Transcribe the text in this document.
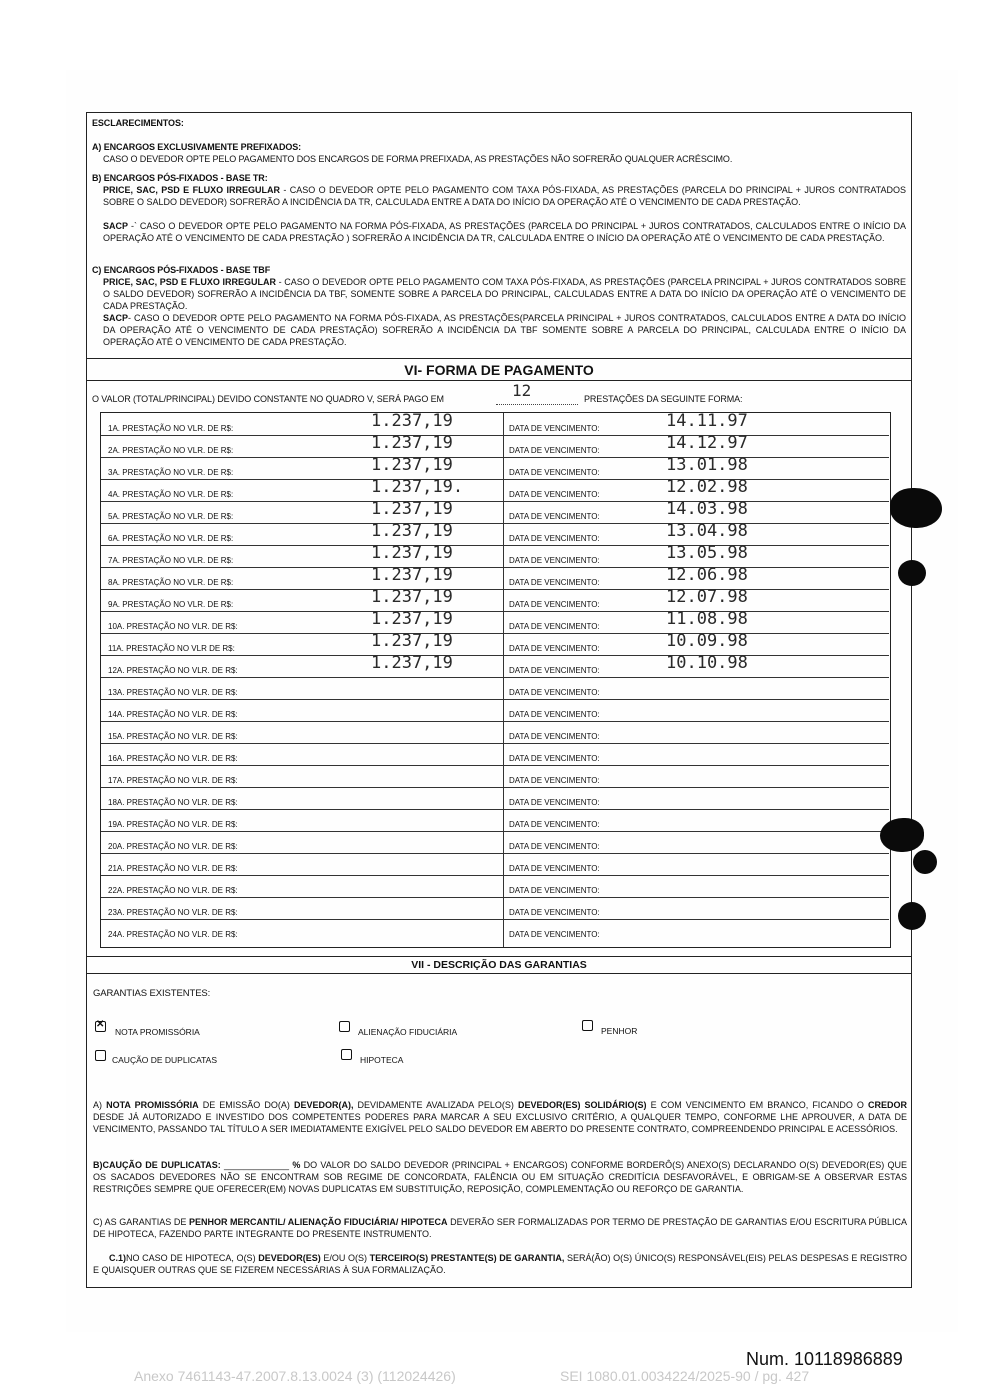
ESCLARECIMENTOS:
A) ENCARGOS EXCLUSIVAMENTE PREFIXADOS:
CASO O DEVEDOR OPTE PELO PAGAMENTO DOS ENCARGOS DE FORMA PREFIXADA, AS PRESTAÇÕES NÃO SOFRERÃO QUALQUER ACRÉSCIMO.
B) ENCARGOS PÓS-FIXADOS - BASE TR:
PRICE, SAC, PSD E FLUXO IRREGULAR - CASO O DEVEDOR OPTE PELO PAGAMENTO COM TAXA PÓS-FIXADA, AS PRESTAÇÕES (PARCELA DO PRINCIPAL + JUROS CONTRATADOS SOBRE O SALDO DEVEDOR) SOFRERÃO A INCIDÊNCIA DA TR, CALCULADA ENTRE A DATA DO INÍCIO DA OPERAÇÃO ATÉ O VENCIMENTO DE CADA PRESTAÇÃO.
SACP -` CASO O DEVEDOR OPTE PELO PAGAMENTO NA FORMA PÓS-FIXADA, AS PRESTAÇÕES (PARCELA DO PRINCIPAL + JUROS CONTRATADOS, CALCULADOS ENTRE O INÍCIO DA OPERAÇÃO ATÉ O VENCIMENTO DE CADA PRESTAÇÃO ) SOFRERÃO A INCIDÊNCIA DA TR, CALCULADA ENTRE O INÍCIO DA OPERAÇÃO ATÉ O VENCIMENTO DE CADA PRESTAÇÃO.
C) ENCARGOS PÓS-FIXADOS - BASE TBF
PRICE, SAC, PSD E FLUXO IRREGULAR - CASO O DEVEDOR OPTE PELO PAGAMENTO COM TAXA PÓS-FIXADA, AS PRESTAÇÕES (PARCELA PRINCIPAL + JUROS CONTRATADOS SOBRE O SALDO DEVEDOR) SOFRERÃO A INCIDÊNCIA DA TBF, SOMENTE SOBRE A PARCELA DO PRINCIPAL, CALCULADAS ENTRE A DATA DO INÍCIO DA OPERAÇÃO ATÉ O VENCIMENTO DE CADA PRESTAÇÃO.
SACP- CASO O DEVEDOR OPTE PELO PAGAMENTO NA FORMA PÓS-FIXADA, AS PRESTAÇÕES(PARCELA PRINCIPAL + JUROS CONTRATADOS, CALCULADOS ENTRE A DATA DO INÍCIO DA OPERAÇÃO ATÉ O VENCIMENTO DE CADA PRESTAÇÃO) SOFRERÃO A INCIDÊNCIA DA TBF SOMENTE SOBRE A PARCELA DO PRINCIPAL, CALCULADA ENTRE O INÍCIO DA OPERAÇÃO ATÉ O VENCIMENTO DE CADA PRESTAÇÃO.
VI- FORMA DE PAGAMENTO
O VALOR (TOTAL/PRINCIPAL) DEVIDO CONSTANTE NO QUADRO V, SERÁ PAGO EM	12	PRESTAÇÕES DA SEGUINTE FORMA:
1A. PRESTAÇÃO NO VLR. DE R$:	1.237,19	DATA DE VENCIMENTO:	14.11.97
2A. PRESTAÇÃO NO VLR. DE R$:	1.237,19	DATA DE VENCIMENTO:	14.12.97
3A. PRESTAÇÃO NO VLR. DE R$:	1.237,19	DATA DE VENCIMENTO:	13.01.98
4A. PRESTAÇÃO NO VLR. DE R$:	1.237,19.	DATA DE VENCIMENTO:	12.02.98
5A. PRESTAÇÃO NO VLR. DE R$:	1.237,19	DATA DE VENCIMENTO:	14.03.98
6A. PRESTAÇÃO NO VLR. DE R$:	1.237,19	DATA DE VENCIMENTO:	13.04.98
7A. PRESTAÇÃO NO VLR. DE R$:	1.237,19	DATA DE VENCIMENTO:	13.05.98
8A. PRESTAÇÃO NO VLR. DE R$:	1.237,19	DATA DE VENCIMENTO:	12.06.98
9A. PRESTAÇÃO NO VLR. DE R$:	1.237,19	DATA DE VENCIMENTO:	12.07.98
10A. PRESTAÇÃO NO VLR. DE R$:	1.237,19	DATA DE VENCIMENTO:	11.08.98
11A. PRESTAÇÃO NO VLR DE R$:	1.237,19	DATA DE VENCIMENTO:	10.09.98
12A. PRESTAÇÃO NO VLR. DE R$:	1.237,19	DATA DE VENCIMENTO:	10.10.98
13A. PRESTAÇÃO NO VLR. DE R$:	DATA DE VENCIMENTO:
14A. PRESTAÇÃO NO VLR. DE R$:	DATA DE VENCIMENTO:
15A. PRESTAÇÃO NO VLR. DE R$:	DATA DE VENCIMENTO:
16A. PRESTAÇÃO NO VLR. DE R$:	DATA DE VENCIMENTO:
17A. PRESTAÇÃO NO VLR. DE R$:	DATA DE VENCIMENTO:
18A. PRESTAÇÃO NO VLR. DE R$:	DATA DE VENCIMENTO:
19A. PRESTAÇÃO NO VLR. DE R$:	DATA DE VENCIMENTO:
20A. PRESTAÇÃO NO VLR. DE R$:	DATA DE VENCIMENTO:
21A. PRESTAÇÃO NO VLR. DE R$:	DATA DE VENCIMENTO:
22A. PRESTAÇÃO NO VLR. DE R$:	DATA DE VENCIMENTO:
23A. PRESTAÇÃO NO VLR. DE R$:	DATA DE VENCIMENTO:
24A. PRESTAÇÃO NO VLR. DE R$:	DATA DE VENCIMENTO:
VII - DESCRIÇÃO DAS GARANTIAS
GARANTIAS EXISTENTES:
✕
NOTA PROMISSÓRIA	ALIENAÇÃO FIDUCIÁRIA	PENHOR
CAUÇÃO DE DUPLICATAS	HIPOTECA
A) NOTA PROMISSÓRIA DE EMISSÃO DO(A) DEVEDOR(A), DEVIDAMENTE AVALIZADA PELO(S) DEVEDOR(ES) SOLIDÁRIO(S) E COM VENCIMENTO EM BRANCO, FICANDO O CREDOR DESDE JÁ AUTORIZADO E INVESTIDO DOS COMPETENTES PODERES PARA MARCAR A SEU EXCLUSIVO CRITÉRIO, A QUALQUER TEMPO, CONFORME LHE APROUVER, A DATA DE VENCIMENTO, PASSANDO TAL TÍTULO A SER IMEDIATAMENTE EXIGÍVEL PELO SALDO DEVEDOR EM ABERTO DO PRESENTE CONTRATO, COMPREENDENDO PRINCIPAL E ACESSÓRIOS.
B)CAUÇÃO DE DUPLICATAS: _____________ % DO VALOR DO SALDO DEVEDOR (PRINCIPAL + ENCARGOS) CONFORME BORDERÔ(S) ANEXO(S) DECLARANDO O(S) DEVEDOR(ES) QUE OS SACADOS DEVEDORES NÃO SE ENCONTRAM SOB REGIME DE CONCORDATA, FALÊNCIA OU EM SITUAÇÃO CREDITÍCIA DESFAVORÁVEL, E OBRIGAM-SE A OBSERVAR ESTAS RESTRIÇÕES SEMPRE QUE OFERECER(EM) NOVAS DUPLICATAS EM SUBSTITUIÇÃO, REPOSIÇÃO, COMPLEMENTAÇÃO OU REFORÇO DE GARANTIA.
C) AS GARANTIAS DE PENHOR MERCANTIL/ ALIENAÇÃO FIDUCIÁRIA/ HIPOTECA DEVERÃO SER FORMALIZADAS POR TERMO DE PRESTAÇÃO DE GARANTIAS E/OU ESCRITURA PÚBLICA DE HIPOTECA, FAZENDO PARTE INTEGRANTE DO PRESENTE INSTRUMENTO.
C.1)NO CASO DE HIPOTECA, O(S) DEVEDOR(ES) E/OU O(S) TERCEIRO(S) PRESTANTE(S) DE GARANTIA, SERÁ(ÃO) O(S) ÚNICO(S) RESPONSÁVEL(EIS) PELAS DESPESAS E REGISTRO E QUAISQUER OUTRAS QUE SE FIZEREM NECESSÁRIAS À SUA FORMALIZAÇÃO.
Num. 10118986889
Anexo 7461143-47.2007.8.13.0024 (3) (112024426)	SEI 1080.01.0034224/2025-90 / pg. 427
